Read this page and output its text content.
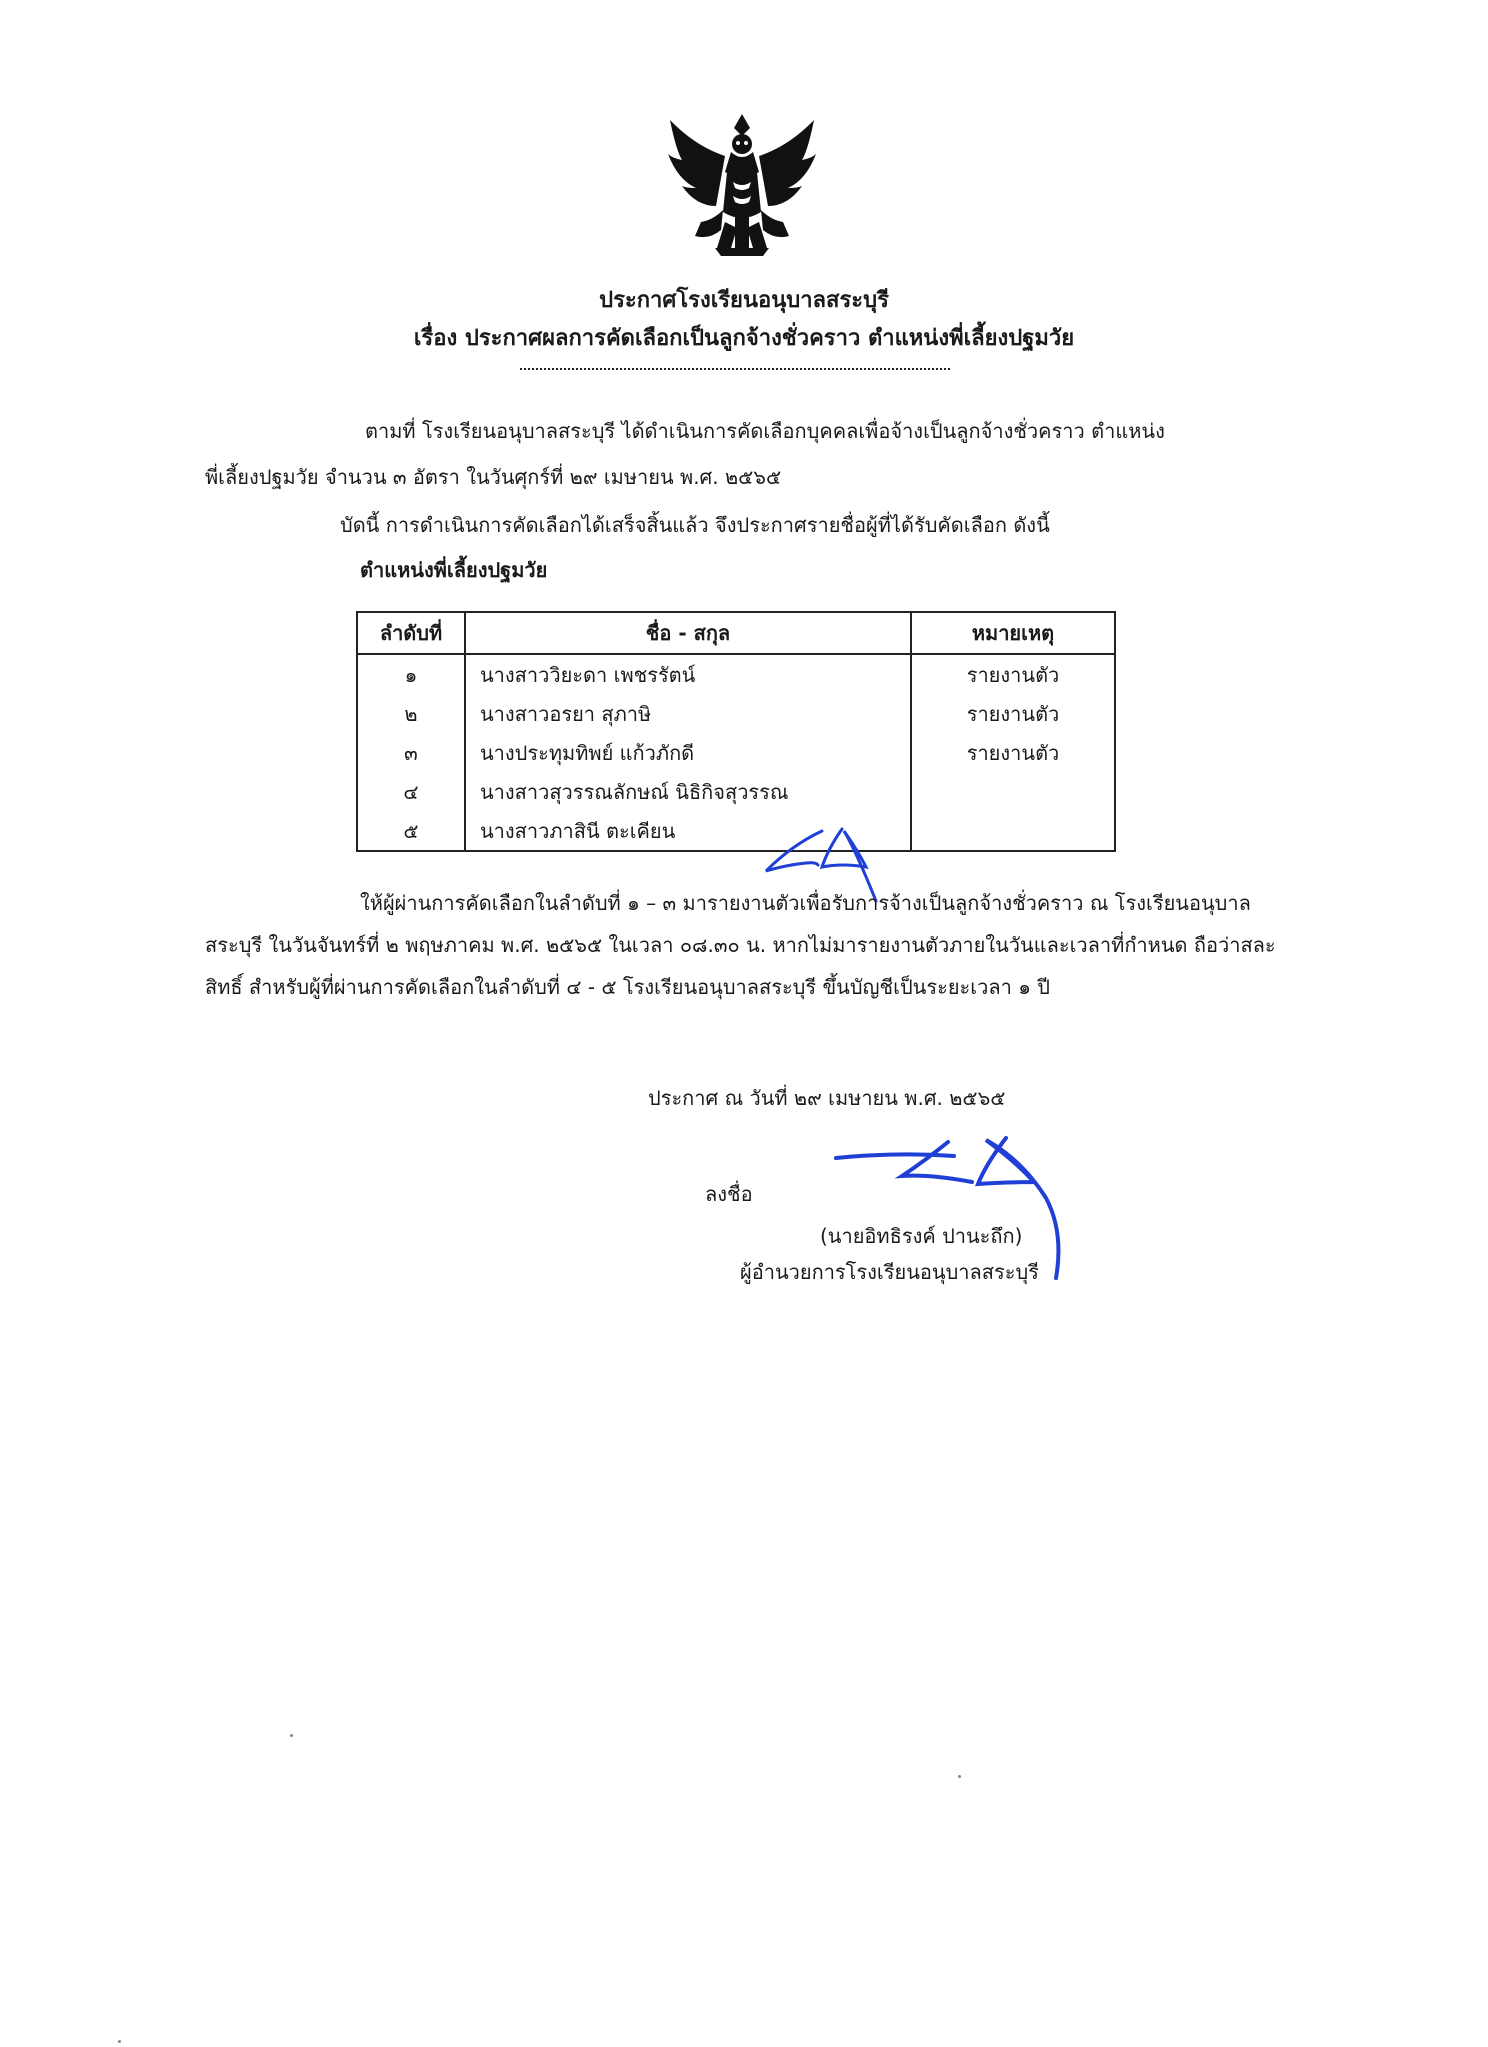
ประกาศโรงเรียนอนุบาลสระบุรี
เรื่อง ประกาศผลการคัดเลือกเป็นลูกจ้างชั่วคราว ตำแหน่งพี่เลี้ยงปฐมวัย
ตามที่ โรงเรียนอนุบาลสระบุรี ได้ดำเนินการคัดเลือกบุคคลเพื่อจ้างเป็นลูกจ้างชั่วคราว ตำแหน่ง
พี่เลี้ยงปฐมวัย จำนวน ๓ อัตรา ในวันศุกร์ที่ ๒๙ เมษายน พ.ศ. ๒๕๖๕
บัดนี้ การดำเนินการคัดเลือกได้เสร็จสิ้นแล้ว จึงประกาศรายชื่อผู้ที่ได้รับคัดเลือก ดังนี้
ตำแหน่งพี่เลี้ยงปฐมวัย
ลำดับที่	ชื่อ - สกุล	หมายเหตุ
๑	นางสาววิยะดา เพชรรัตน์	รายงานตัว
๒	นางสาวอรยา สุภาษิ	รายงานตัว
๓	นางประทุมทิพย์ แก้วภักดี	รายงานตัว
๔	นางสาวสุวรรณลักษณ์ นิธิกิจสุวรรณ	
๕	นางสาวภาสินี ตะเคียน	
ให้ผู้ผ่านการคัดเลือกในลำดับที่ ๑ – ๓ มารายงานตัวเพื่อรับการจ้างเป็นลูกจ้างชั่วคราว ณ โรงเรียนอนุบาลสระบุรี ในวันจันทร์ที่ ๒ พฤษภาคม พ.ศ. ๒๕๖๕ ในเวลา ๐๘.๓๐ น. หากไม่มารายงานตัวภายในวันและเวลาที่กำหนด ถือว่าสละสิทธิ์ สำหรับผู้ที่ผ่านการคัดเลือกในลำดับที่ ๔ - ๕ โรงเรียนอนุบาลสระบุรี ขึ้นบัญชีเป็นระยะเวลา ๑ ปี
ประกาศ ณ วันที่ ๒๙ เมษายน พ.ศ. ๒๕๖๕
ลงชื่อ
(นายอิทธิรงค์ ปานะถึก)
ผู้อำนวยการโรงเรียนอนุบาลสระบุรี
